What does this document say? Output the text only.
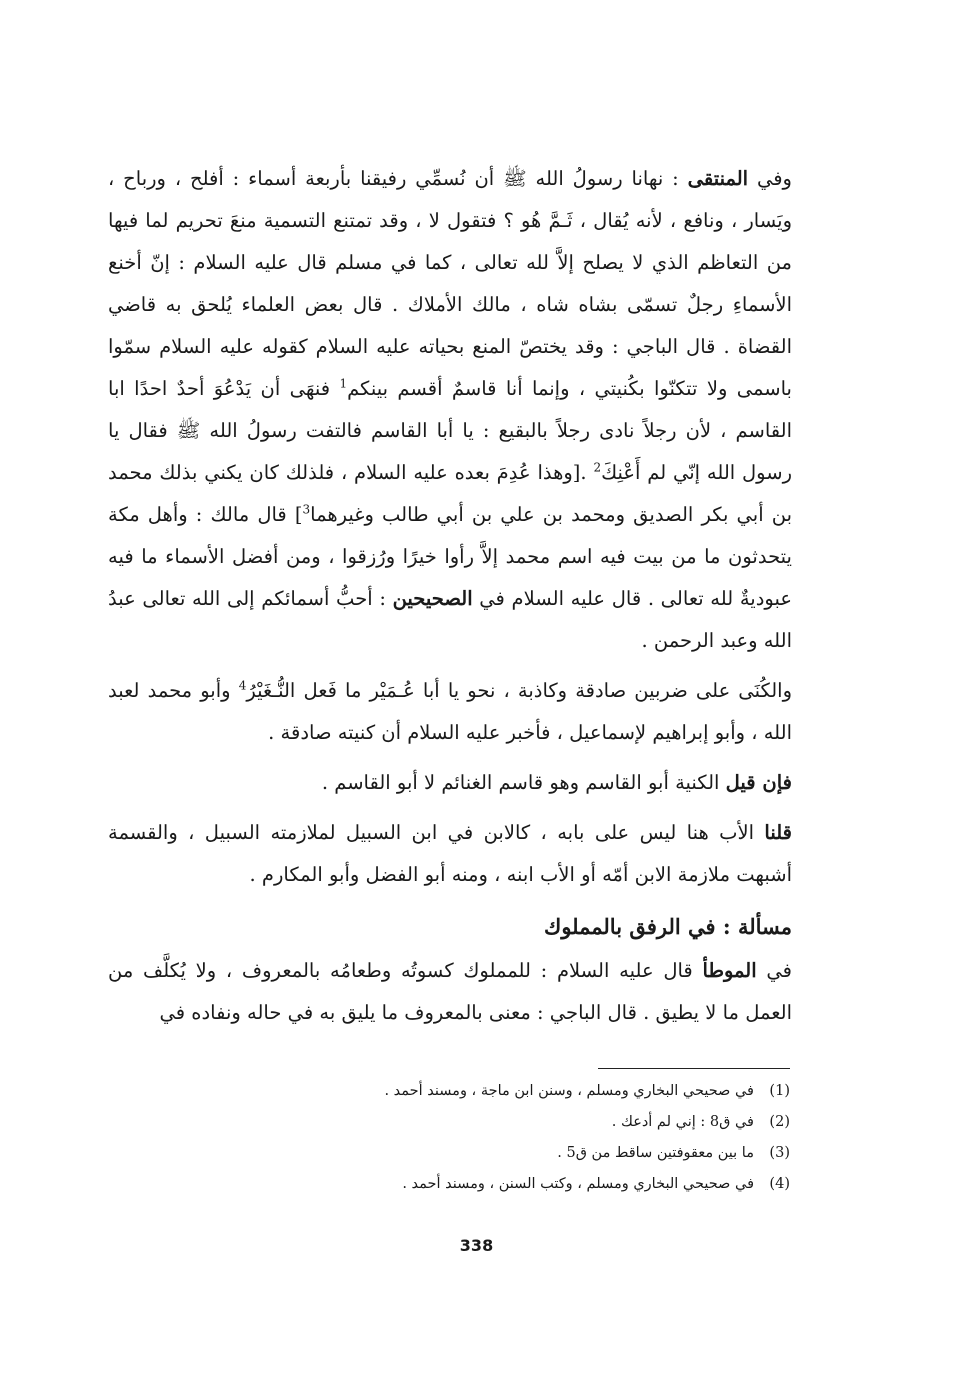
وفي المنتقى : نهانا رسولُ الله ﷺ أن نُسمِّي رفيقنا بأربعة أسماء : أفلح ، ورباح ، ويَسار ، ونافع ، لأنه يُقال ، ثَـمَّ هُو ؟ فتقول لا ، وقد تمتنع التسمية منعَ تحريم لما فيها من التعاظم الذي لا يصلح إلاَّ لله تعالى ، كما في مسلم قال عليه السلام : إنّ أخنع الأسماءِ رجلٌ تسمّى بشاه شاه ، مالك الأملاك . قال بعض العلماء يُلحق به قاضي القضاة . قال الباجي : وقد يختصّ المنع بحياته عليه السلام كقوله عليه السلام سمّوا باسمى ولا تتكنّوا بكُنيتي ، وإنما أنا قاسمٌ أقسم بينكم$^1$ فنهَى أن يَدْعُوَ أحدٌ احدًا ابا القاسم ، لأن رجلاً نادى رجلاً بالبقيع : يا أبا القاسم فالتفت رسولُ الله ﷺ فقال يا رسول الله إنّي لم أَعْنِكَ$^2$ .[وهذا عُدِمَ بعده عليه السلام ، فلذلك كان يكني بذلك محمد بن أبي بكر الصديق ومحمد بن علي بن أبي طالب وغيرهما$^3$] قال مالك : وأهل مكة يتحدثون ما من بيت فيه اسم محمد إلاَّ رأوا خيرًا ورُزقوا ، ومن أفضل الأسماء ما فيه عبوديةٌ لله تعالى . قال عليه السلام في الصحيحين : أحبُّ أسمائكم إلى الله تعالى عبدُ الله وعبد الرحمن .

والكُنَى على ضربين صادقة وكاذبة ، نحو يا أبا عُـمَيْر ما فَعل النُّـغَيْرُ$^4$ وأبو محمد لعبد الله ، وأبو إبراهيم لإسماعيل ، فأخبر عليه السلام أن كنيته صادقة .

فإن قيل الكنية أبو القاسم وهو قاسم الغنائم لا أبو القاسم .

قلنا الأب هنا ليس على بابه ، كالابن في ابن السبيل لملازمته السبيل ، والقسمة أشبهت ملازمة الابن أمّه أو الأب ابنه ، ومنه أبو الفضل وأبو المكارم .

مسألة : في الرفق بالمملوك

في الموطأ قال عليه السلام : للمملوك كسوتُه وطعامُه بالمعروف ، ولا يُكلَّف من العمل ما لا يطيق . قال الباجي : معنى بالمعروف ما يليق به في حاله ونفاده في

(1)
في صحيحي البخاري ومسلم ، وسنن ابن ماجة ، ومسند أحمد .
(2)
في ق8 : إني لم أدعك .
(3)
ما بين معقوفتين ساقط من ق5 .
(4)
في صحيحي البخاري ومسلم ، وكتب السنن ، ومسند أحمد .
338
